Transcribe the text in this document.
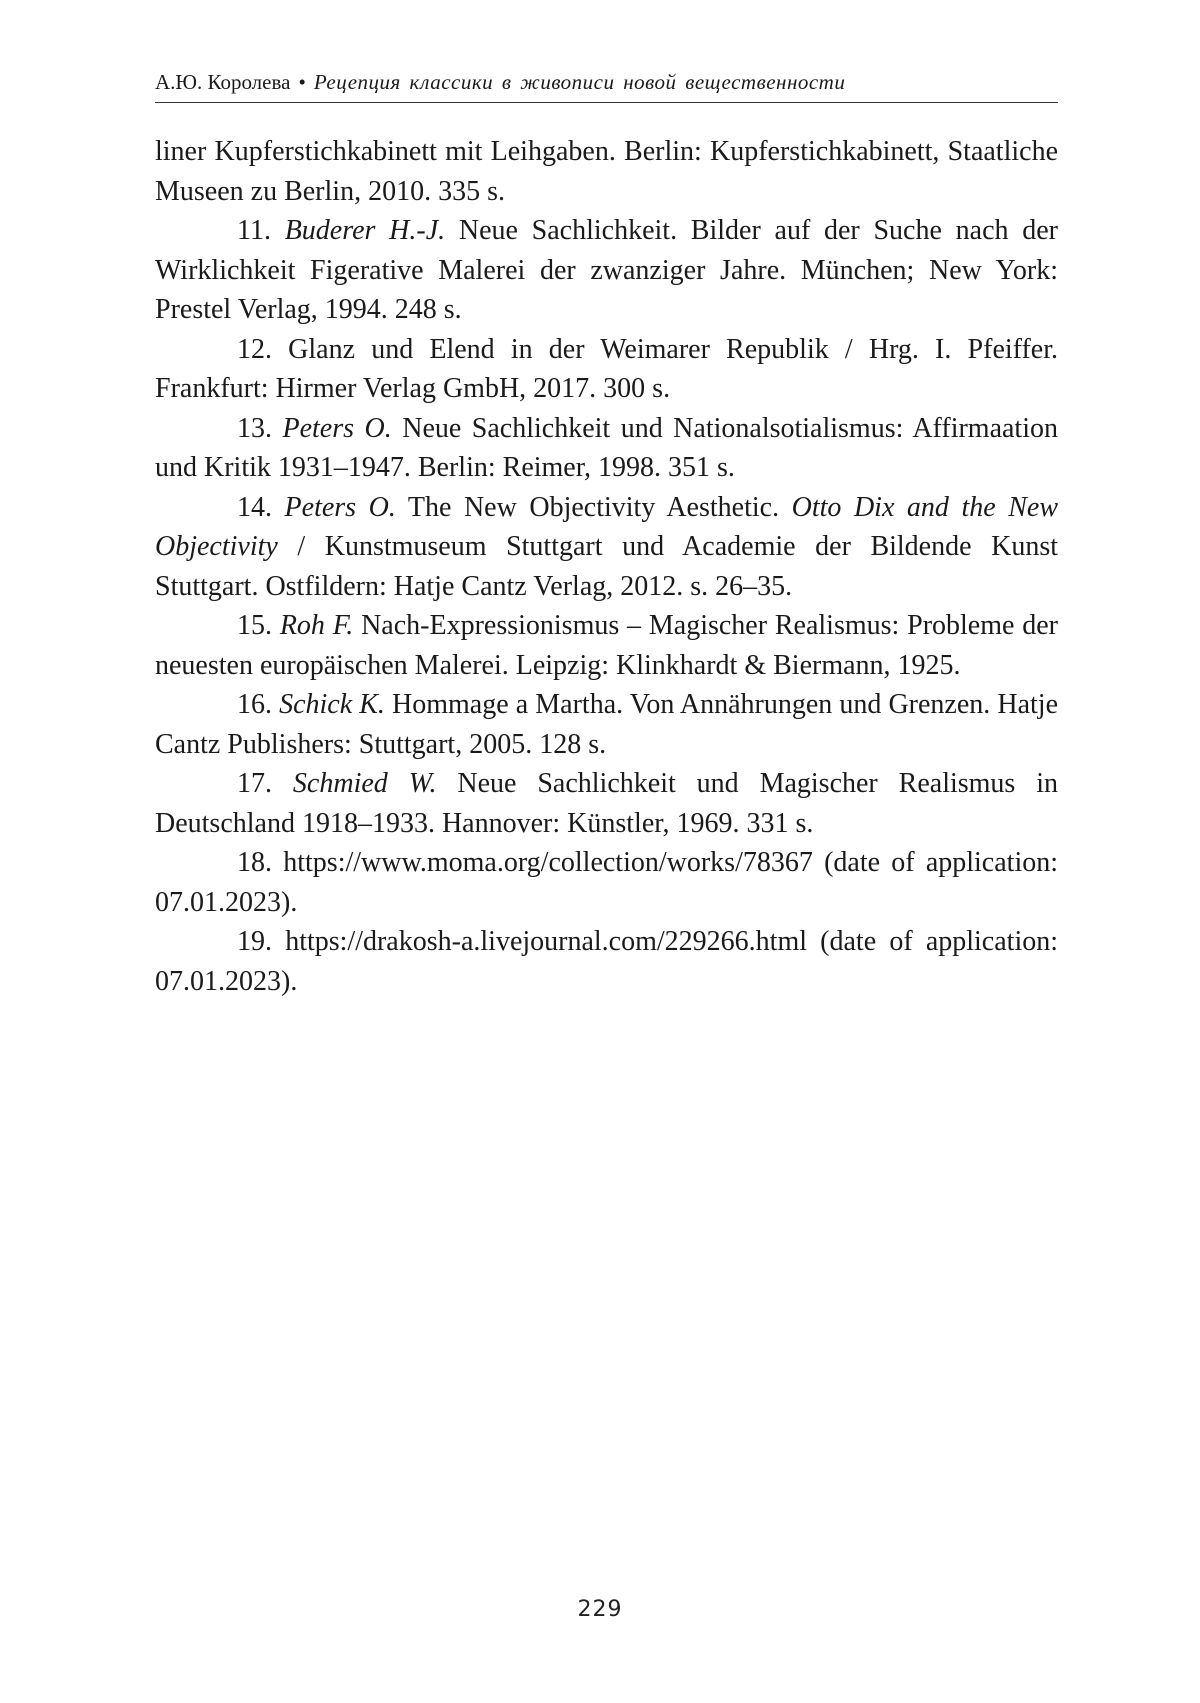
А.Ю. Королева • Рецепция классики в живописи новой вещественности

liner Kupferstichkabinett mit Leihgaben. Berlin: Kupferstichkabinett, Staatliche Museen zu Berlin, 2010. 335 s.

11. Buderer H.-J. Neue Sachlichkeit. Bilder auf der Suche nach der Wirklichkeit Figerative Malerei der zwanziger Jahre. München; New York: Prestel Verlag, 1994. 248 s.

12. Glanz und Elend in der Weimarer Republik / Hrg. I. Pfeiffer. Frankfurt: Hirmer Verlag GmbH, 2017. 300 s.

13. Peters O. Neue Sachlichkeit und Nationalsotialismus: Affir­maation und Kritik 1931–1947. Berlin: Reimer, 1998. 351 s.

14. Peters O. The New Objectivity Aesthetic. Otto Dix and the New Objectivity / Kunstmuseum Stuttgart und Academie der Bildende Kunst Stuttgart. Ostfildern: Hatje Cantz Verlag, 2012. s. 26–35.

15. Roh F. Nach-Expressionismus – Magischer Realismus: Pro­bleme der neuesten europäischen Malerei. Leipzig: Klinkhardt & Bier­mann, 1925.

16. Schick K. Hommage a Martha. Von Annährungen und Gren­zen. Hatje Cantz Publishers: Stuttgart, 2005. 128 s.

17. Schmied W. Neue Sachlichkeit und Magischer Realismus in Deutschland 1918–1933. Hannover: Künstler, 1969. 331 s.

18. https://www.moma.org/collection/works/78367 (date of ap­plication: 07.01.2023).

19. https://drakosh-a.livejournal.com/229266.html (date of appli­cation: 07.01.2023).

229
